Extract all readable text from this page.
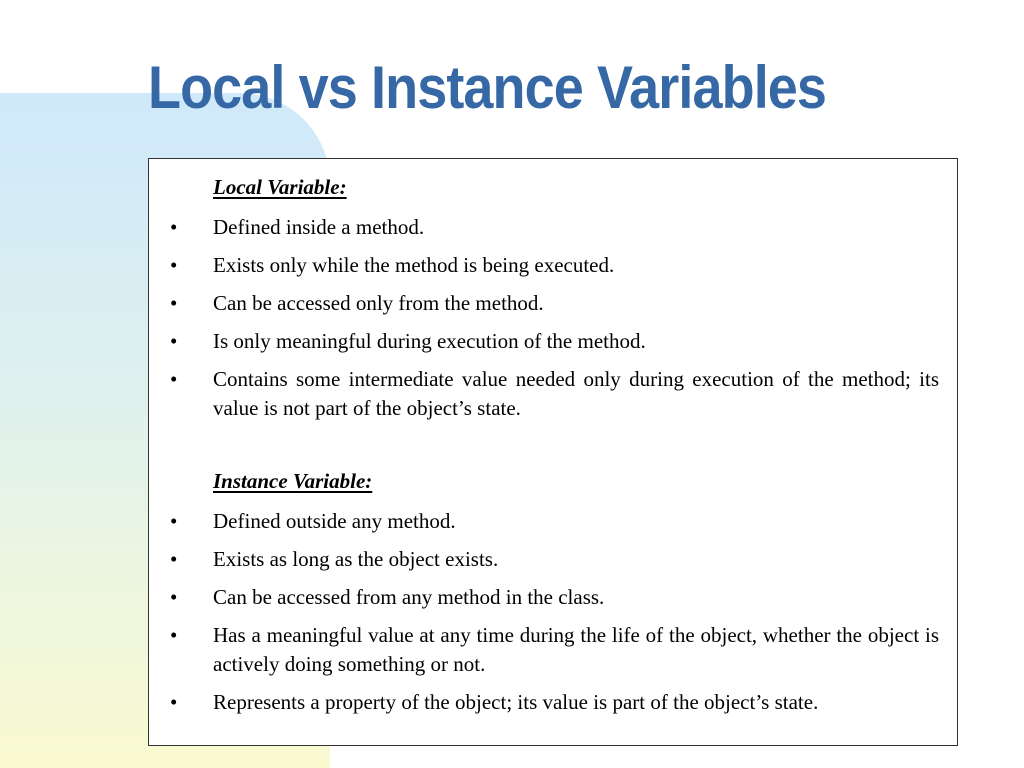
Local vs Instance Variables
Local Variable:
• Defined inside a method.
• Exists only while the method is being executed.
• Can be accessed only from the method.
• Is only meaningful during execution of the method.
• Contains some intermediate value needed only during execution of the method; its value is not part of the object’s state.
Instance Variable:
• Defined outside any method.
• Exists as long as the object exists.
• Can be accessed from any method in the class.
• Has a meaningful value at any time during the life of the object, whether the object is actively doing something or not.
• Represents a property of the object; its value is part of the object’s state.
